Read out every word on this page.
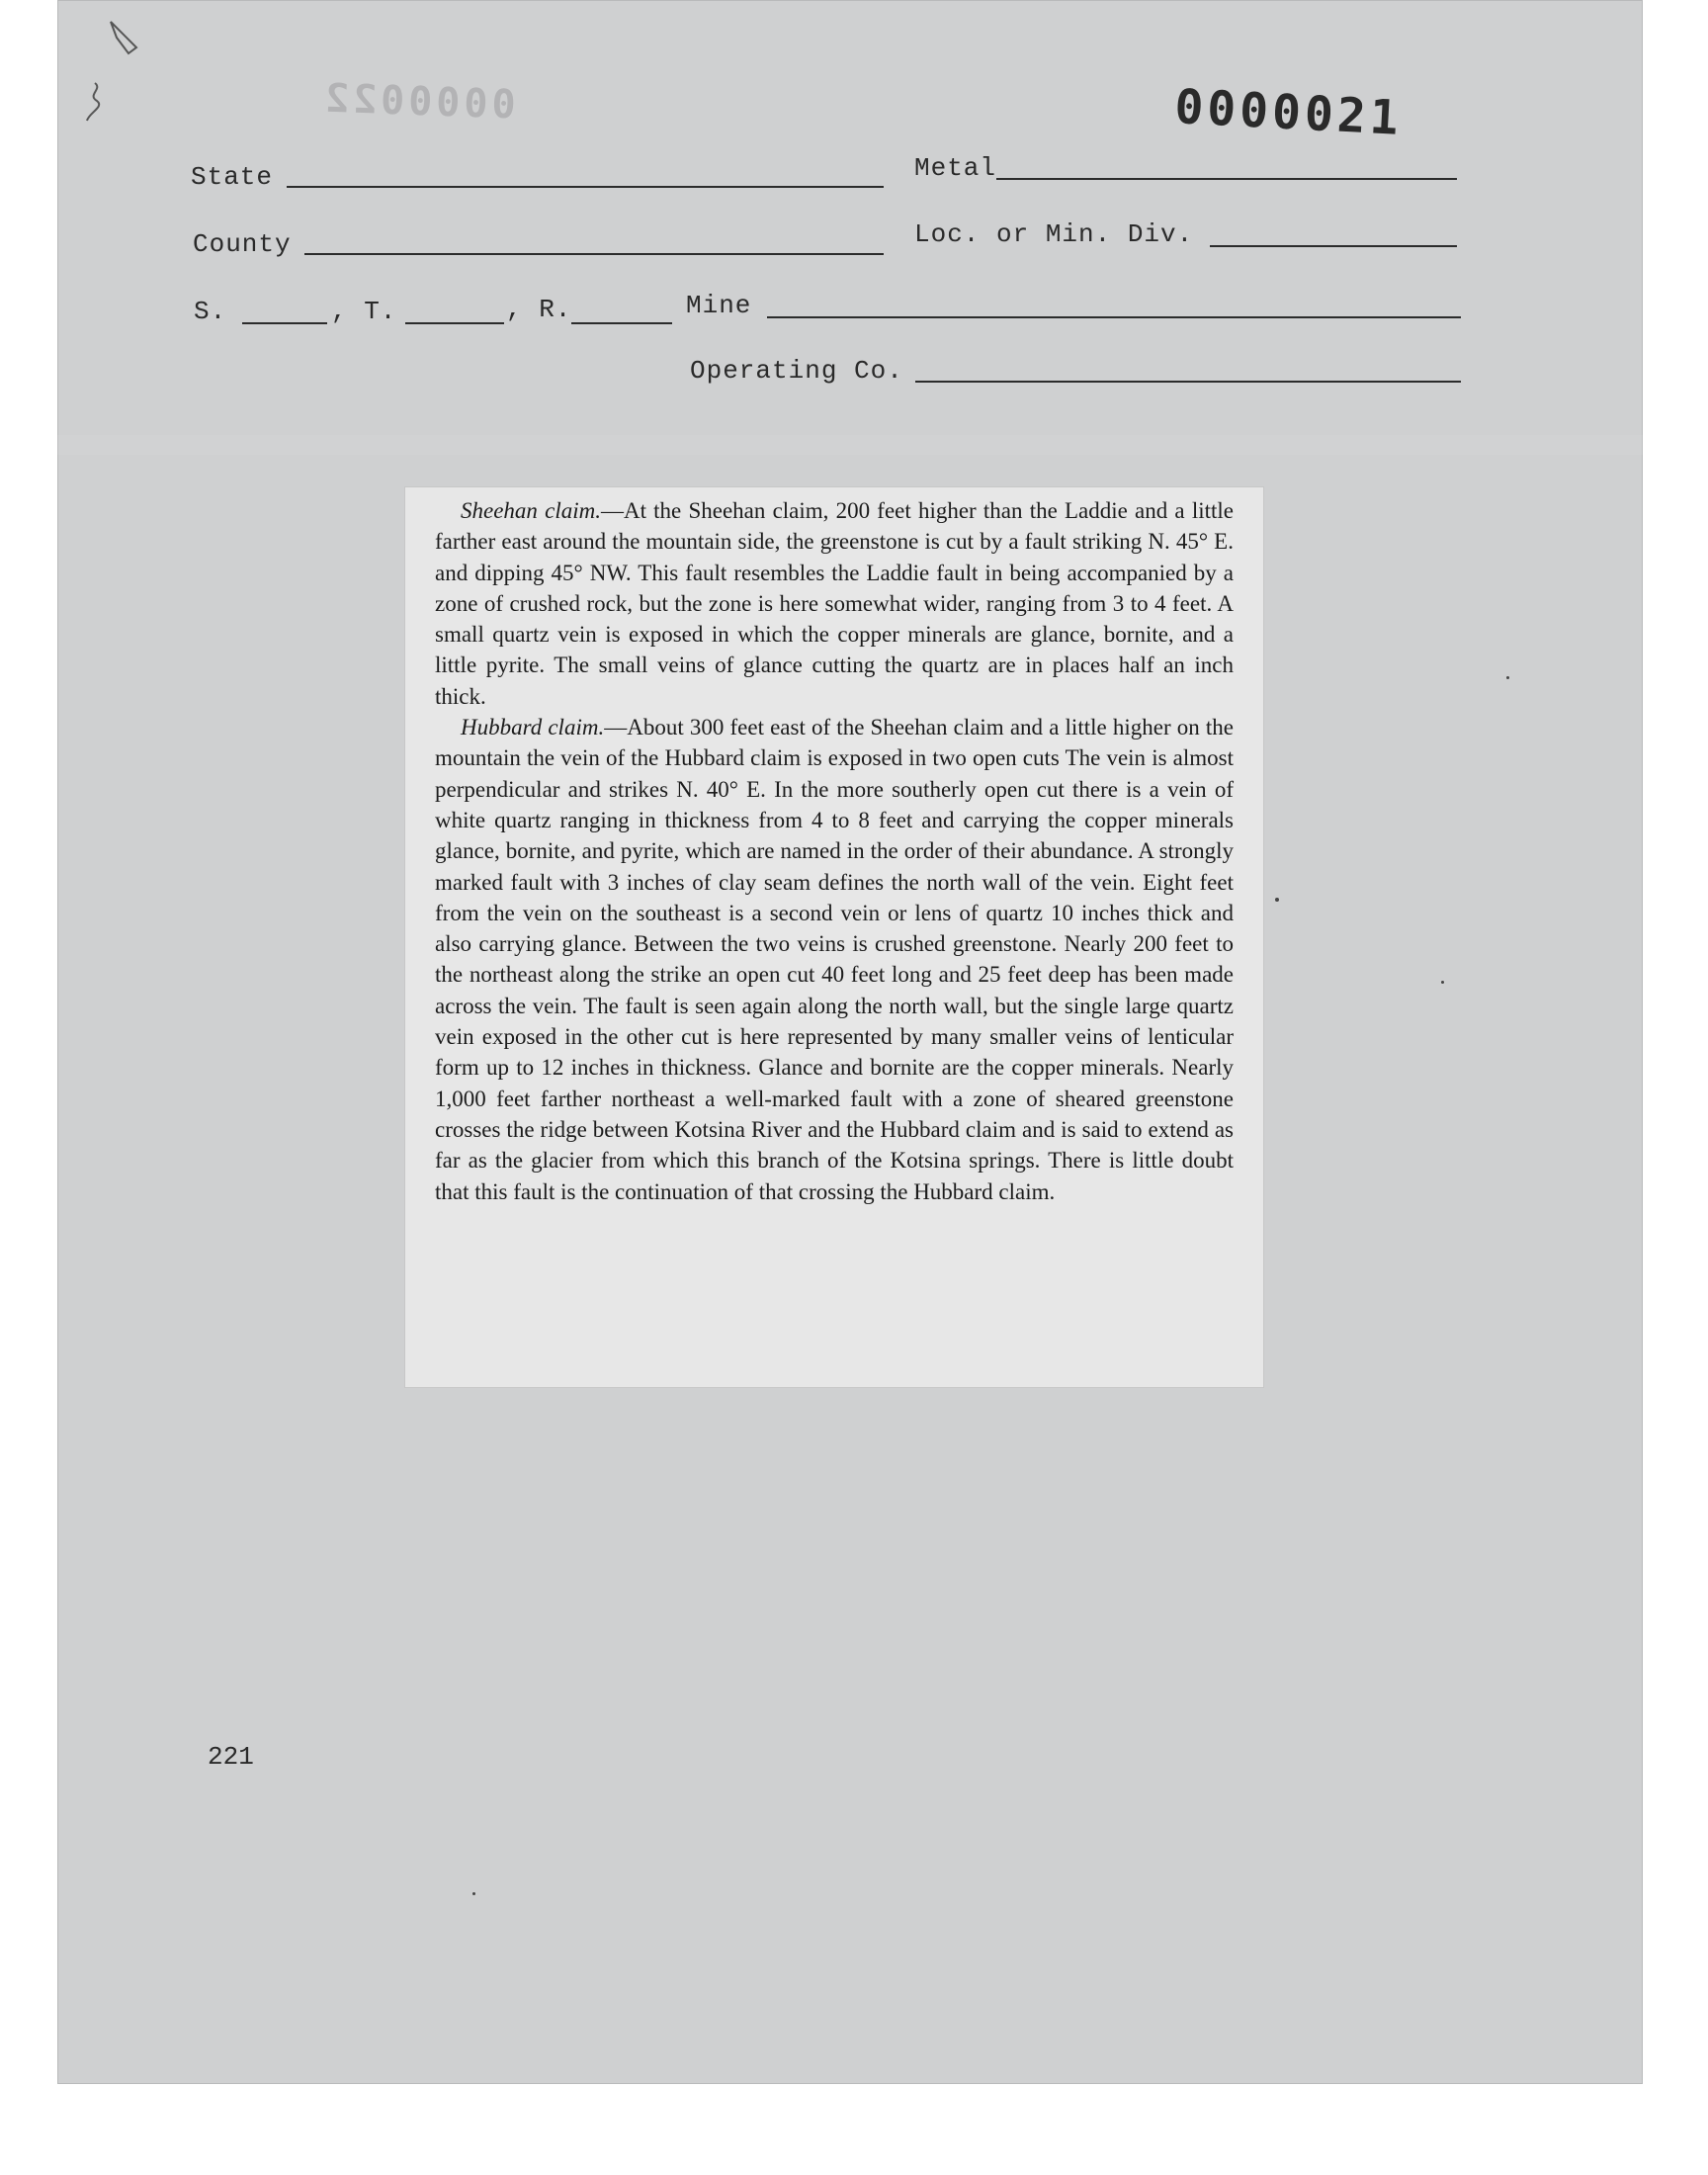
0000022	0000021
State	Metal
County	Loc. or Min. Div.
S.	, T.	, R.	Mine
Operating Co.

Sheehan claim.—At the Sheehan claim, 200 feet higher than the Laddie and a little farther east around the mountain side, the greenstone is cut by a fault striking N. 45° E. and dipping 45° NW. This fault resembles the Laddie fault in being accompanied by a zone of crushed rock, but the zone is here somewhat wider, ranging from 3 to 4 feet. A small quartz vein is exposed in which the copper minerals are glance, bornite, and a little pyrite. The small veins of glance cutting the quartz are in places half an inch thick.

Hubbard claim.—About 300 feet east of the Sheehan claim and a little higher on the mountain the vein of the Hubbard claim is exposed in two open cuts The vein is almost perpendicular and strikes N. 40° E. In the more southerly open cut there is a vein of white quartz ranging in thickness from 4 to 8 feet and carrying the copper minerals glance, bornite, and pyrite, which are named in the order of their abundance. A strongly marked fault with 3 inches of clay seam defines the north wall of the vein. Eight feet from the vein on the southeast is a second vein or lens of quartz 10 inches thick and also carrying glance. Between the two veins is crushed greenstone. Nearly 200 feet to the northeast along the strike an open cut 40 feet long and 25 feet deep has been made across the vein. The fault is seen again along the north wall, but the single large quartz vein exposed in the other cut is here represented by many smaller veins of lenticular form up to 12 inches in thickness. Glance and bornite are the copper minerals. Nearly 1,000 feet farther northeast a well-marked fault with a zone of sheared greenstone crosses the ridge between Kotsina River and the Hubbard claim and is said to extend as far as the glacier from which this branch of the Kotsina springs. There is little doubt that this fault is the continuation of that crossing the Hubbard claim.

221
